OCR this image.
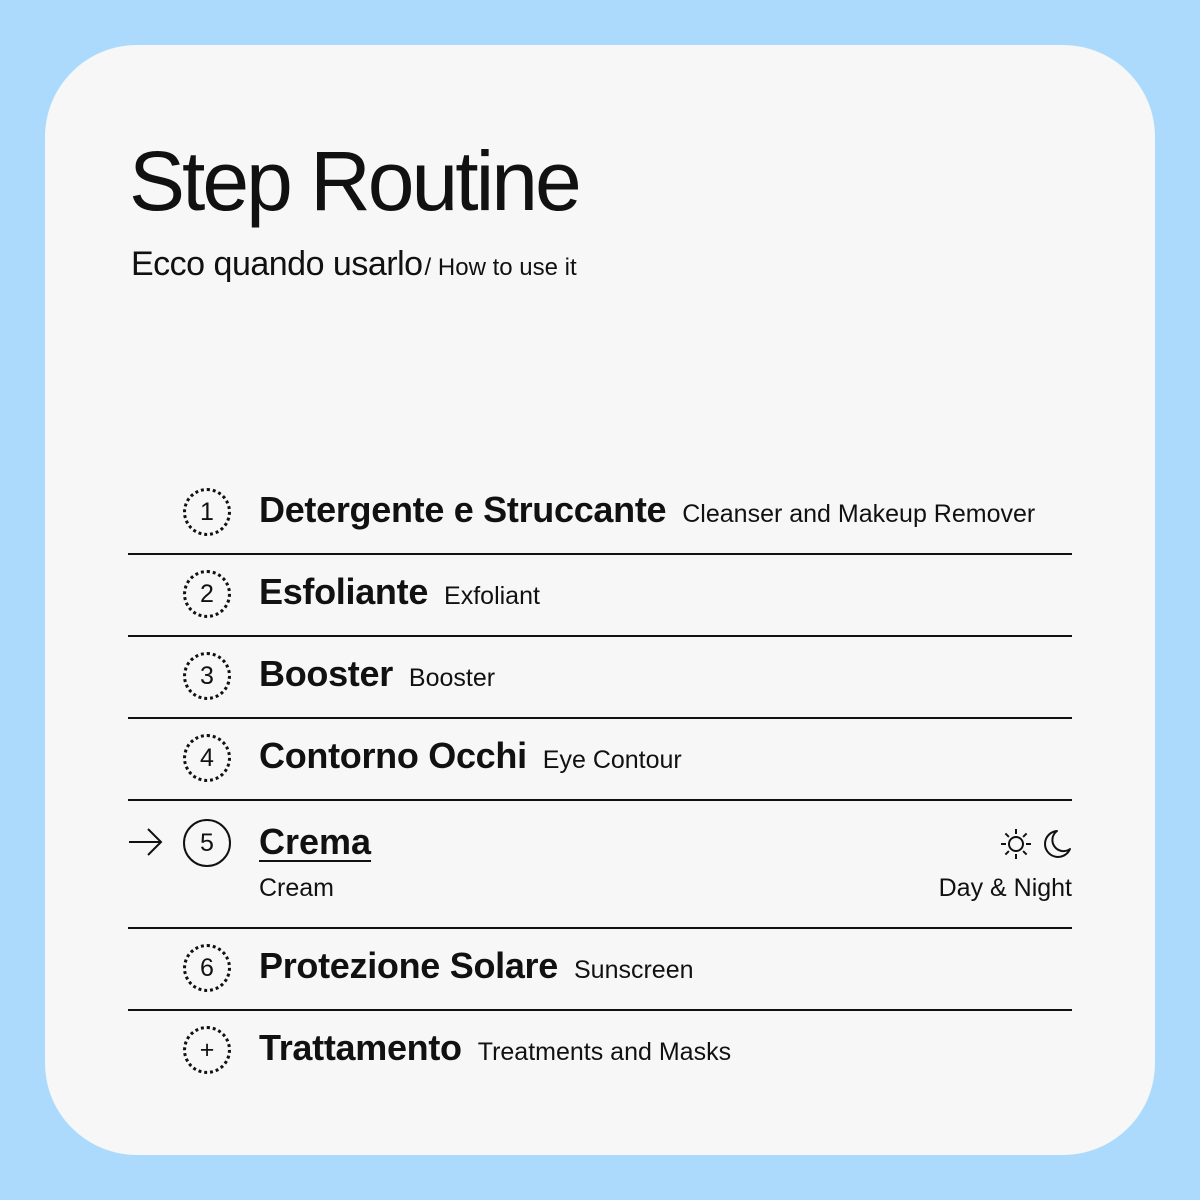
Step Routine
Ecco quando usarlo/ How to use it
1	Detergente e Struccante Cleanser and Makeup Remover
2	Esfoliante Exfoliant
3	Booster Booster
4	Contorno Occhi Eye Contour
5	Crema
Cream	Day & Night
6	Protezione Solare Sunscreen
+	Trattamento Treatments and Masks
